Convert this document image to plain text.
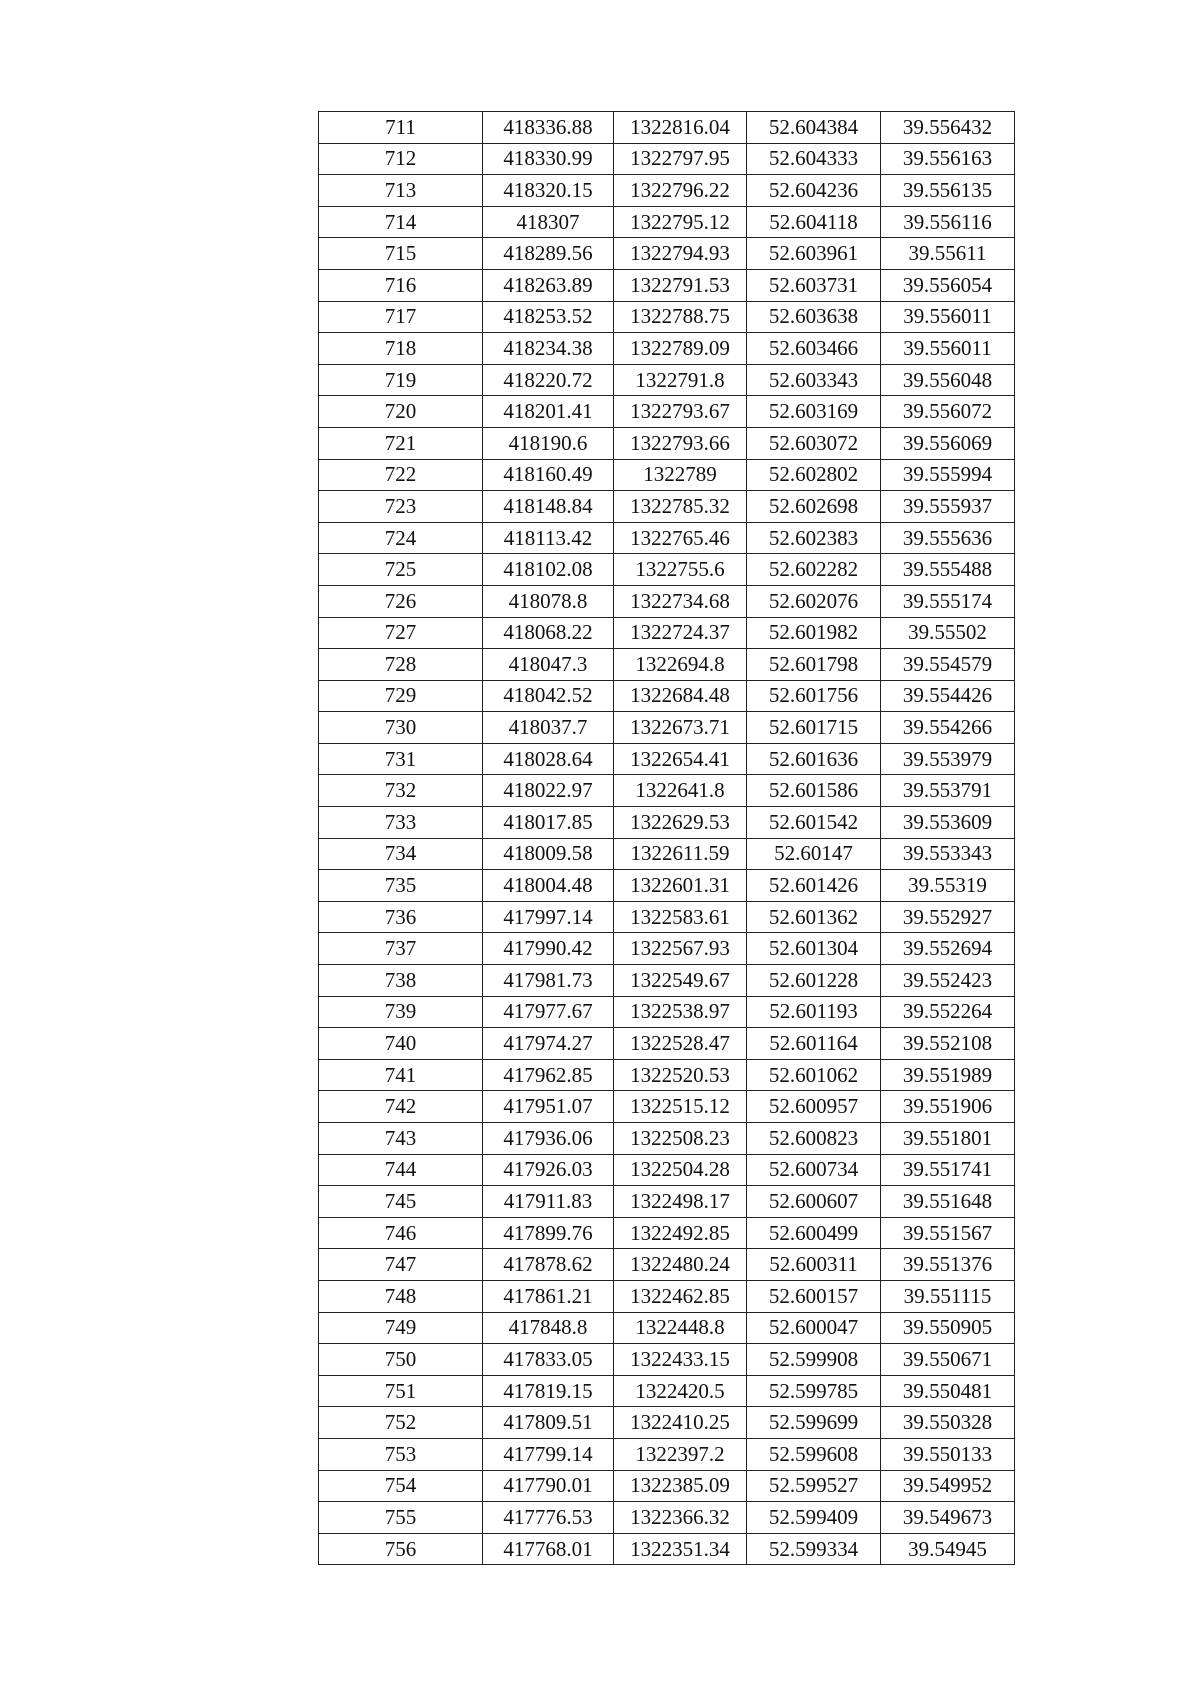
711	418336.88	1322816.04	52.604384	39.556432
712	418330.99	1322797.95	52.604333	39.556163
713	418320.15	1322796.22	52.604236	39.556135
714	418307	1322795.12	52.604118	39.556116
715	418289.56	1322794.93	52.603961	39.55611
716	418263.89	1322791.53	52.603731	39.556054
717	418253.52	1322788.75	52.603638	39.556011
718	418234.38	1322789.09	52.603466	39.556011
719	418220.72	1322791.8	52.603343	39.556048
720	418201.41	1322793.67	52.603169	39.556072
721	418190.6	1322793.66	52.603072	39.556069
722	418160.49	1322789	52.602802	39.555994
723	418148.84	1322785.32	52.602698	39.555937
724	418113.42	1322765.46	52.602383	39.555636
725	418102.08	1322755.6	52.602282	39.555488
726	418078.8	1322734.68	52.602076	39.555174
727	418068.22	1322724.37	52.601982	39.55502
728	418047.3	1322694.8	52.601798	39.554579
729	418042.52	1322684.48	52.601756	39.554426
730	418037.7	1322673.71	52.601715	39.554266
731	418028.64	1322654.41	52.601636	39.553979
732	418022.97	1322641.8	52.601586	39.553791
733	418017.85	1322629.53	52.601542	39.553609
734	418009.58	1322611.59	52.60147	39.553343
735	418004.48	1322601.31	52.601426	39.55319
736	417997.14	1322583.61	52.601362	39.552927
737	417990.42	1322567.93	52.601304	39.552694
738	417981.73	1322549.67	52.601228	39.552423
739	417977.67	1322538.97	52.601193	39.552264
740	417974.27	1322528.47	52.601164	39.552108
741	417962.85	1322520.53	52.601062	39.551989
742	417951.07	1322515.12	52.600957	39.551906
743	417936.06	1322508.23	52.600823	39.551801
744	417926.03	1322504.28	52.600734	39.551741
745	417911.83	1322498.17	52.600607	39.551648
746	417899.76	1322492.85	52.600499	39.551567
747	417878.62	1322480.24	52.600311	39.551376
748	417861.21	1322462.85	52.600157	39.551115
749	417848.8	1322448.8	52.600047	39.550905
750	417833.05	1322433.15	52.599908	39.550671
751	417819.15	1322420.5	52.599785	39.550481
752	417809.51	1322410.25	52.599699	39.550328
753	417799.14	1322397.2	52.599608	39.550133
754	417790.01	1322385.09	52.599527	39.549952
755	417776.53	1322366.32	52.599409	39.549673
756	417768.01	1322351.34	52.599334	39.54945
